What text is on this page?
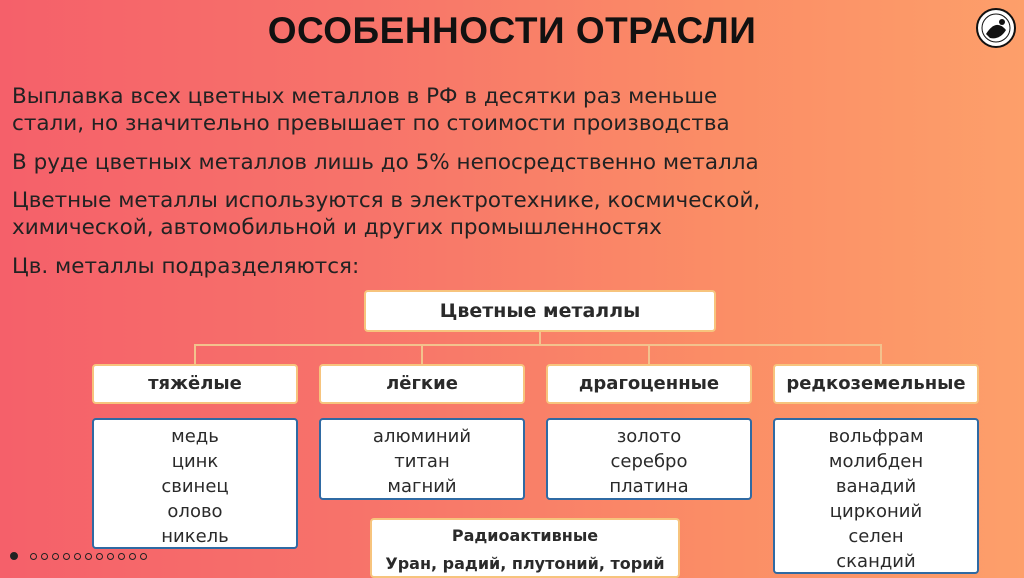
ОСОБЕННОСТИ ОТРАСЛИ
Выплавка всех цветных металлов в РФ в десятки раз меньше
стали, но значительно превышает по стоимости производства
В руде цветных металлов лишь до 5% непосредственно металла
Цветные металлы используются в электротехнике, космической,
химической, автомобильной и других промышленностях
Цв. металлы подразделяются:
Цветные металлы
тяжёлые	лёгкие	драгоценные	редкоземельные
медь
цинк
свинец
олово
никель
алюминий
титан
магний
золото
серебро
платина
вольфрам
молибден
ванадий
цирконий
селен
скандий
Радиоактивные
Уран, радий, плутоний, торий
